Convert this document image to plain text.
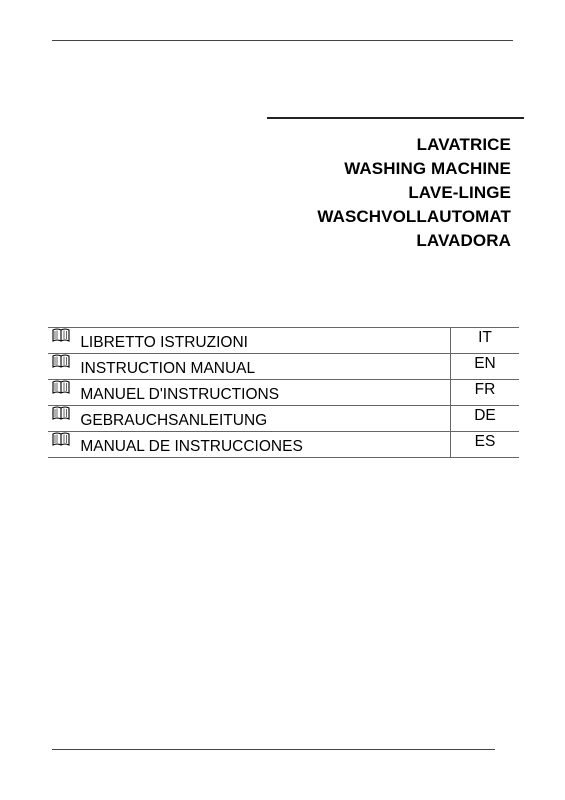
LAVATRICE
WASHING MACHINE
LAVE-LINGE
WASCHVOLLAUTOMAT
LAVADORA
LIBRETTO ISTRUZIONI	IT
INSTRUCTION MANUAL	EN
MANUEL D'INSTRUCTIONS	FR
GEBRAUCHSANLEITUNG	DE
MANUAL DE INSTRUCCIONES	ES
